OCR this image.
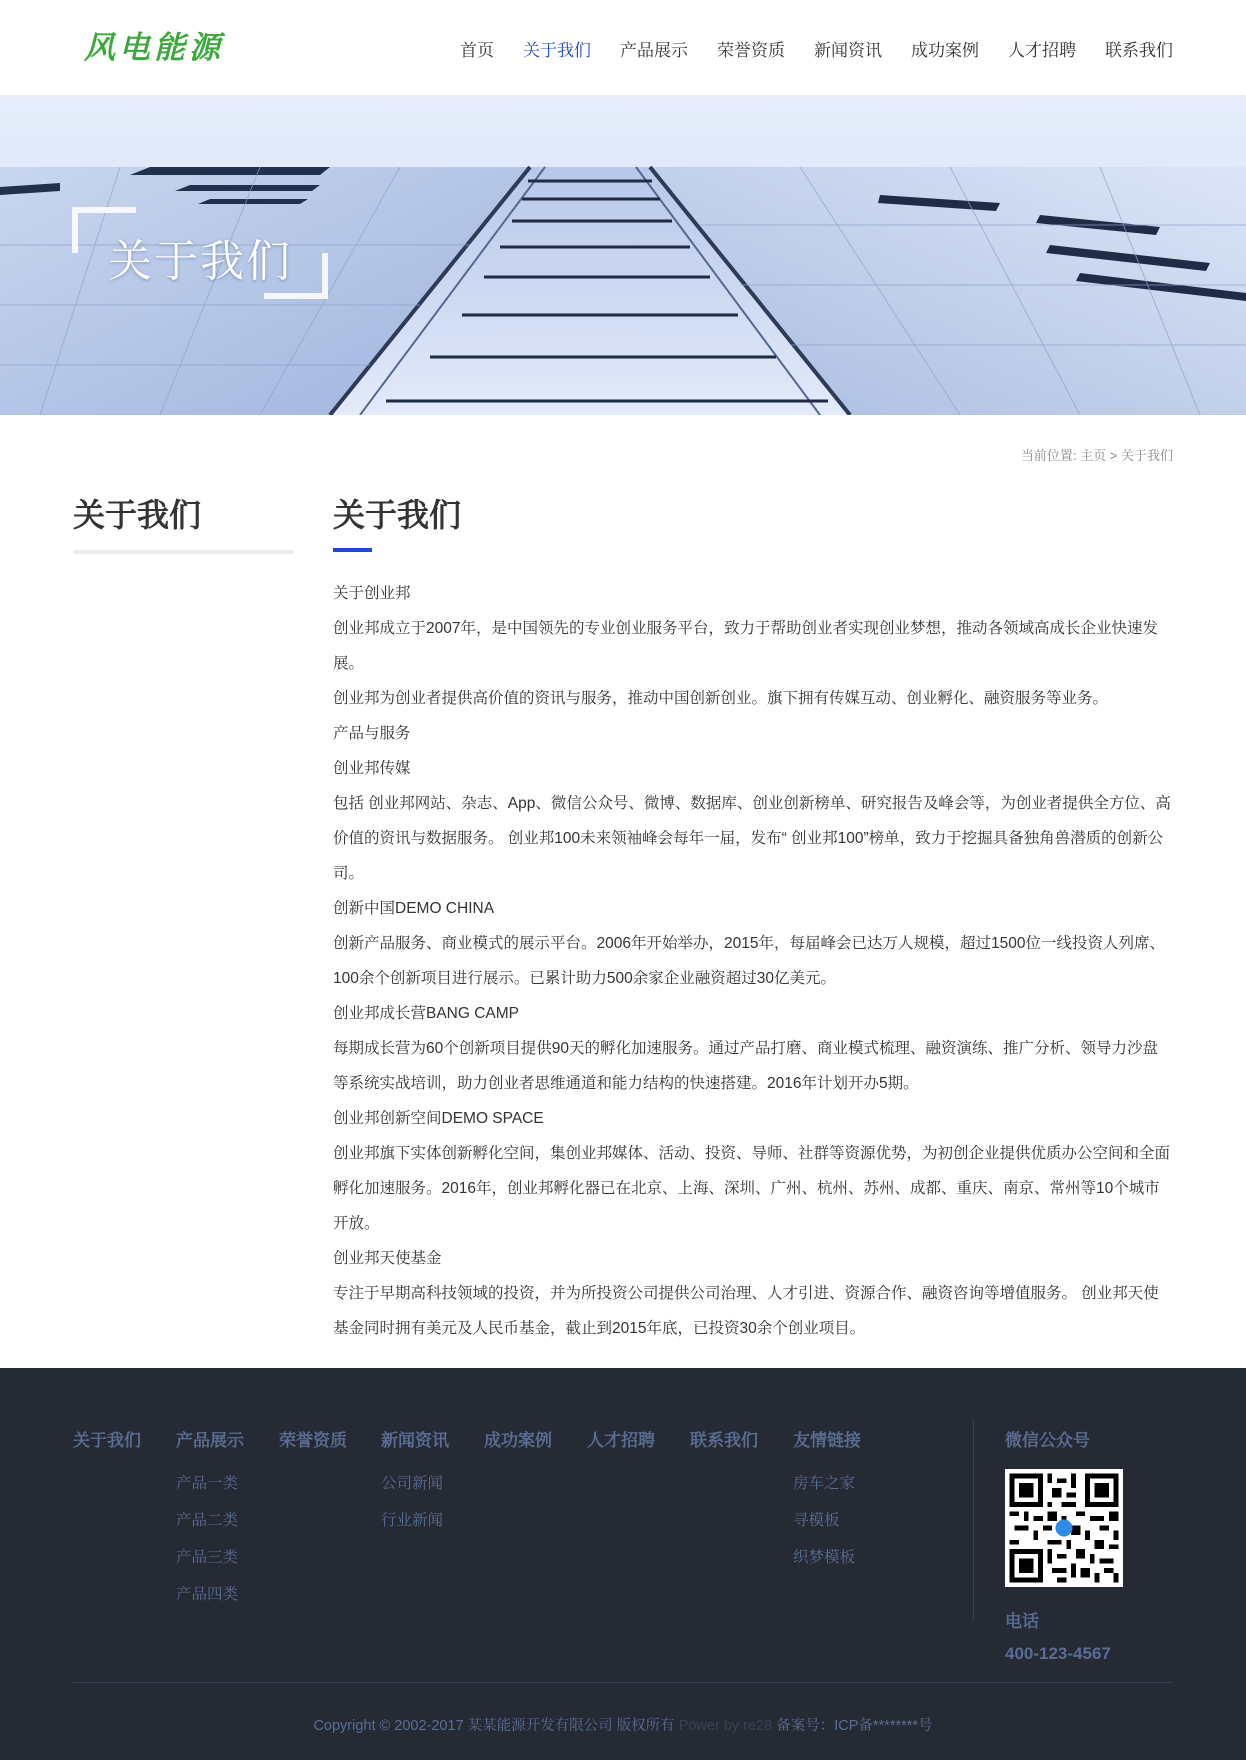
风电能源	首页 关于我们 产品展示 荣誉资质 新闻资讯 成功案例 人才招聘 联系我们
关于我们
当前位置: 主页 > 关于我们
关于我们	关于我们

关于创业邦

创业邦成立于2007年，是中国领先的专业创业服务平台，致力于帮助创业者实现创业梦想，推动各领域高成长企业快速发展。

创业邦为创业者提供高价值的资讯与服务，推动中国创新创业。旗下拥有传媒互动、创业孵化、融资服务等业务。

产品与服务

创业邦传媒

包括 创业邦网站、杂志、App、微信公众号、微博、数据库、创业创新榜单、研究报告及峰会等，为创业者提供全方位、高价值的资讯与数据服务。 创业邦100未来领袖峰会每年一届，发布“ 创业邦100”榜单，致力于挖掘具备独角兽潜质的创新公司。

创新中国DEMO CHINA

创新产品服务、商业模式的展示平台。2006年开始举办，2015年，每届峰会已达万人规模，超过1500位一线投资人列席、100余个创新项目进行展示。已累计助力500余家企业融资超过30亿美元。

创业邦成长营BANG CAMP

每期成长营为60个创新项目提供90天的孵化加速服务。通过产品打磨、商业模式梳理、融资演练、推广分析、领导力沙盘等系统实战培训，助力创业者思维通道和能力结构的快速搭建。2016年计划开办5期。

创业邦创新空间DEMO SPACE

创业邦旗下实体创新孵化空间，集创业邦媒体、活动、投资、导师、社群等资源优势，为初创企业提供优质办公空间和全面孵化加速服务。2016年，创业邦孵化器已在北京、上海、深圳、广州、杭州、苏州、成都、重庆、南京、常州等10个城市开放。

创业邦天使基金

专注于早期高科技领域的投资，并为所投资公司提供公司治理、人才引进、资源合作、融资咨询等增值服务。 创业邦天使基金同时拥有美元及人民币基金，截止到2015年底，已投资30余个创业项目。

关于我们 产品展示
产品一类
产品二类
产品三类
产品四类
荣誉资质 新闻资讯
公司新闻
行业新闻
成功案例 人才招聘 联系我们 友情链接
房车之家
寻模板
织梦模板
微信公众号
电话
400-123-4567
Copyright © 2002-2017 某某能源开发有限公司 版权所有 Power by re28 备案号：ICP备********号
